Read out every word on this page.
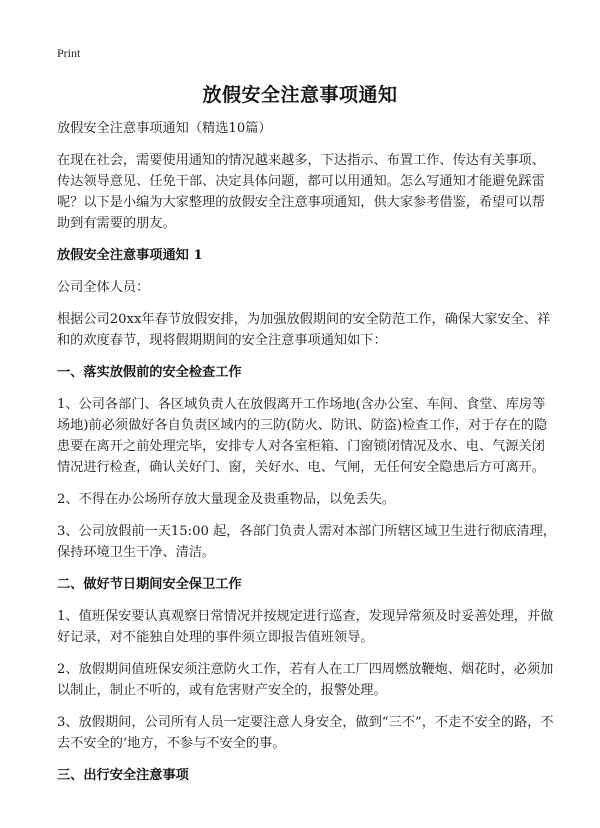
Print
放假安全注意事项通知

放假安全注意事项通知（精选10篇）

在现在社会，需要使用通知的情况越来越多，下达指示、布置工作、传达有关事项、传达领导意见、任免干部、决定具体问题，都可以用通知。怎么写通知才能避免踩雷呢？以下是小编为大家整理的放假安全注意事项通知，供大家参考借鉴，希望可以帮助到有需要的朋友。

放假安全注意事项通知 1

公司全体人员：

根据公司20xx年春节放假安排，为加强放假期间的安全防范工作，确保大家安全、祥和的欢度春节，现将假期期间的安全注意事项通知如下：

一、落实放假前的安全检查工作

1、公司各部门、各区域负责人在放假离开工作场地(含办公室、车间、食堂、库房等场地)前必须做好各自负责区域内的三防(防火、防讯、防盗)检查工作，对于存在的隐患要在离开之前处理完毕，安排专人对各室柜箱、门窗锁闭情况及水、电、气源关闭情况进行检查，确认关好门、窗，关好水、电、气闸，无任何安全隐患后方可离开。

2、不得在办公场所存放大量现金及贵重物品，以免丢失。

3、公司放假前一天15:00 起，各部门负责人需对本部门所辖区域卫生进行彻底清理，保持环境卫生干净、清洁。

二、做好节日期间安全保卫工作

1、值班保安要认真观察日常情况并按规定进行巡查，发现异常须及时妥善处理，并做好记录，对不能独自处理的事件须立即报告值班领导。

2、放假期间值班保安须注意防火工作，若有人在工厂四周燃放鞭炮、烟花时，必须加以制止，制止不听的，或有危害财产安全的，报警处理。

3、放假期间，公司所有人员一定要注意人身安全，做到“三不”，不走不安全的路，不去不安全的‘地方，不参与不安全的事。

三、出行安全注意事项
